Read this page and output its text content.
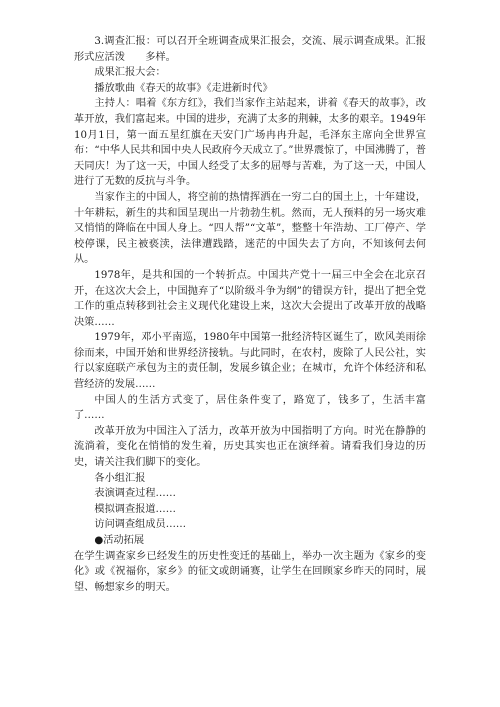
3.调查汇报：可以召开全班调查成果汇报会，交流、展示调查成果。汇报形式应活泼　　多样。
成果汇报大会：
播放歌曲《春天的故事》《走进新时代》
主持人：唱着《东方红》，我们当家作主站起来，讲着《春天的故事》，改革开放，我们富起来。中国的进步，充满了太多的荆棘，太多的艰辛。1949年10月1日，第一面五星红旗在天安门广场冉冉升起，毛泽东主席向全世界宣布：“中华人民共和国中央人民政府今天成立了。”世界震惊了，中国沸腾了，普天同庆！为了这一天，中国人经受了太多的屈辱与苦难，为了这一天，中国人进行了无数的反抗与斗争。
当家作主的中国人，将空前的热情挥洒在一穷二白的国土上，十年建设，十年耕耘，新生的共和国呈现出一片勃勃生机。然而，无人预料的另一场灾难又悄悄的降临在中国人身上。“四人帮”“文革”，整整十年浩劫、工厂停产、学校停课，民主被亵渎，法律遭践踏，迷茫的中国失去了方向，不知该何去何从。
1978年，是共和国的一个转折点。中国共产党十一届三中全会在北京召开，在这次大会上，中国抛弃了“以阶级斗争为纲”的错误方针，提出了把全党工作的重点转移到社会主义现代化建设上来，这次大会提出了改革开放的战略决策……
1979年，邓小平南巡，1980年中国第一批经济特区诞生了，欧风美雨徐徐而来，中国开始和世界经济接轨。与此同时，在农村，废除了人民公社，实行以家庭联产承包为主的责任制，发展乡镇企业；在城市，允许个体经济和私营经济的发展……
中国人的生活方式变了，居住条件变了，路宽了，钱多了，生活丰富了……
改革开放为中国注入了活力，改革开放为中国指明了方向。时光在静静的流淌着，变化在悄悄的发生着，历史其实也正在演绎着。请看我们身边的历史，请关注我们脚下的变化。
各小组汇报
表演调查过程……
模拟调查报道……
访问调查组成员……
●活动拓展
在学生调查家乡已经发生的历史性变迁的基础上，举办一次主题为《家乡的变化》或《祝福你，家乡》的征文或朗诵赛，让学生在回顾家乡昨天的同时，展望、畅想家乡的明天。
